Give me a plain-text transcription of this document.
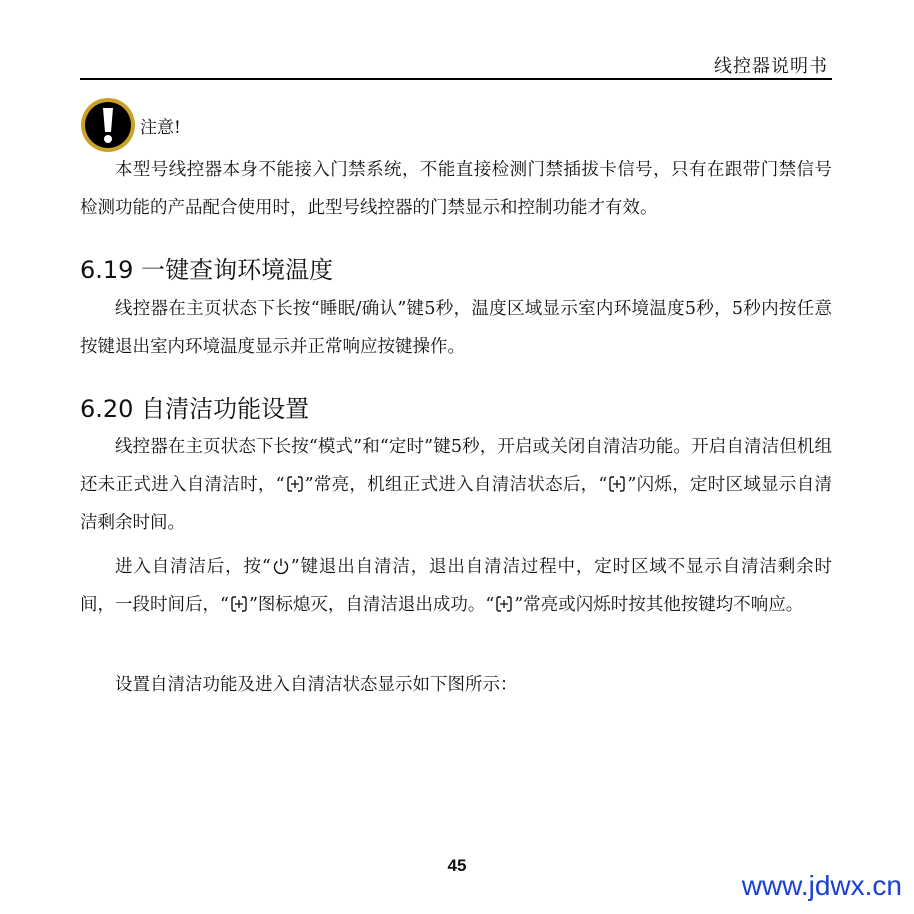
线控器说明书
注意!

本型号线控器本身不能接入门禁系统，不能直接检测门禁插拔卡信号，只有在跟带门禁信号检测功能的产品配合使用时，此型号线控器的门禁显示和控制功能才有效。

6.19 一键查询环境温度

线控器在主页状态下长按“睡眠/确认”键5秒，温度区域显示室内环境温度5秒，5秒内按任意按键退出室内环境温度显示并正常响应按键操作。

6.20 自清洁功能设置

线控器在主页状态下长按“模式”和“定时”键5秒，开启或关闭自清洁功能。开启自清洁但机组还未正式进入自清洁时，“ ”常亮，机组正式进入自清洁状态后，“ ”闪烁，定时区域显示自清洁剩余时间。

进入自清洁后，按“ ”键退出自清洁，退出自清洁过程中，定时区域不显示自清洁剩余时间，一段时间后，“ ”图标熄灭，自清洁退出成功。“ ”常亮或闪烁时按其他按键均不响应。

设置自清洁功能及进入自清洁状态显示如下图所示：

45
www.jdwx.cn
